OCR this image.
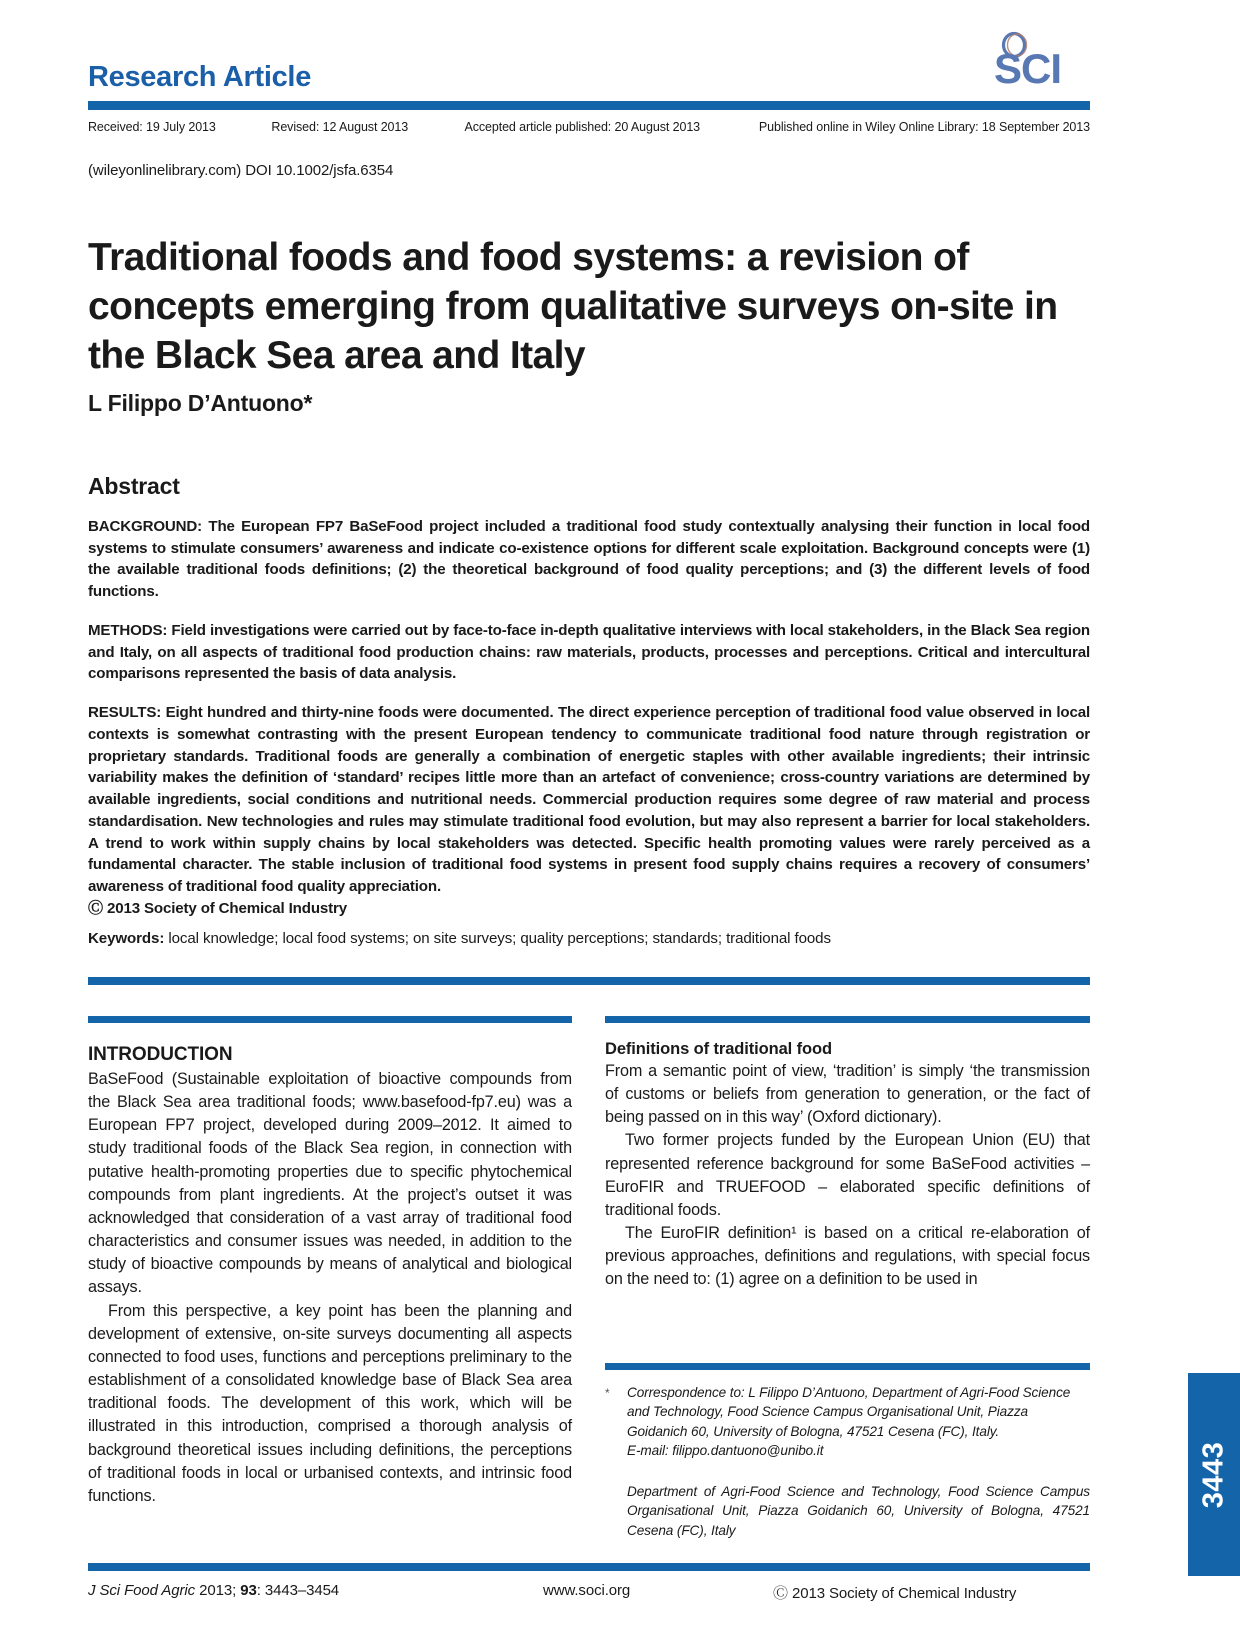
Research Article	SCI
Received: 19 July 2013	Revised: 12 August 2013	Accepted article published: 20 August 2013	Published online in Wiley Online Library: 18 September 2013
(wileyonlinelibrary.com) DOI 10.1002/jsfa.6354
Traditional foods and food systems: a revision of concepts emerging from qualitative surveys on-site in the Black Sea area and Italy
L Filippo D’Antuono*
Abstract

BACKGROUND: The European FP7 BaSeFood project included a traditional food study contextually analysing their function in local food systems to stimulate consumers’ awareness and indicate co-existence options for different scale exploitation. Background concepts were (1) the available traditional foods definitions; (2) the theoretical background of food quality perceptions; and (3) the different levels of food functions.

METHODS: Field investigations were carried out by face-to-face in-depth qualitative interviews with local stakeholders, in the Black Sea region and Italy, on all aspects of traditional food production chains: raw materials, products, processes and perceptions. Critical and intercultural comparisons represented the basis of data analysis.

RESULTS: Eight hundred and thirty-nine foods were documented. The direct experience perception of traditional food value observed in local contexts is somewhat contrasting with the present European tendency to communicate traditional food nature through registration or proprietary standards. Traditional foods are generally a combination of energetic staples with other available ingredients; their intrinsic variability makes the definition of ‘standard’ recipes little more than an artefact of convenience; cross-country variations are determined by available ingredients, social conditions and nutritional needs. Commercial production requires some degree of raw material and process standardisation. New technologies and rules may stimulate traditional food evolution, but may also represent a barrier for local stakeholders. A trend to work within supply chains by local stakeholders was detected. Specific health promoting values were rarely perceived as a fundamental character. The stable inclusion of traditional food systems in present food supply chains requires a recovery of consumers’ awareness of traditional food quality appreciation.
Ⓒ 2013 Society of Chemical Industry

Keywords: local knowledge; local food systems; on site surveys; quality perceptions; standards; traditional foods
INTRODUCTION

BaSeFood (Sustainable exploitation of bioactive compounds from the Black Sea area traditional foods; www.basefood-fp7.eu) was a European FP7 project, developed during 2009–2012. It aimed to study traditional foods of the Black Sea region, in connection with putative health-promoting properties due to specific phytochemical compounds from plant ingredients. At the project’s outset it was acknowledged that consideration of a vast array of traditional food characteristics and consumer issues was needed, in addition to the study of bioactive compounds by means of analytical and biological assays.

From this perspective, a key point has been the planning and development of extensive, on-site surveys documenting all aspects connected to food uses, functions and perceptions preliminary to the establishment of a consolidated knowledge base of Black Sea area traditional foods. The development of this work, which will be illustrated in this introduction, comprised a thorough analysis of background theoretical issues including definitions, the perceptions of traditional foods in local or urbanised contexts, and intrinsic food functions.

Definitions of traditional food

From a semantic point of view, ‘tradition’ is simply ‘the transmission of customs or beliefs from generation to generation, or the fact of being passed on in this way’ (Oxford dictionary).

Two former projects funded by the European Union (EU) that represented reference background for some BaSeFood activities – EuroFIR and TRUEFOOD – elaborated specific definitions of traditional foods.

The EuroFIR definition¹ is based on a critical re-elaboration of previous approaches, definitions and regulations, with special focus on the need to: (1) agree on a definition to be used in

*	Correspondence to: L Filippo D’Antuono, Department of Agri-Food Science and Technology, Food Science Campus Organisational Unit, Piazza Goidanich 60, University of Bologna, 47521 Cesena (FC), Italy.
E-mail: filippo.dantuono@unibo.it
Department of Agri-Food Science and Technology, Food Science Campus Organisational Unit, Piazza Goidanich 60, University of Bologna, 47521 Cesena (FC), Italy
J Sci Food Agric 2013; 93: 3443–3454	www.soci.org	Ⓒ 2013 Society of Chemical Industry
3443
